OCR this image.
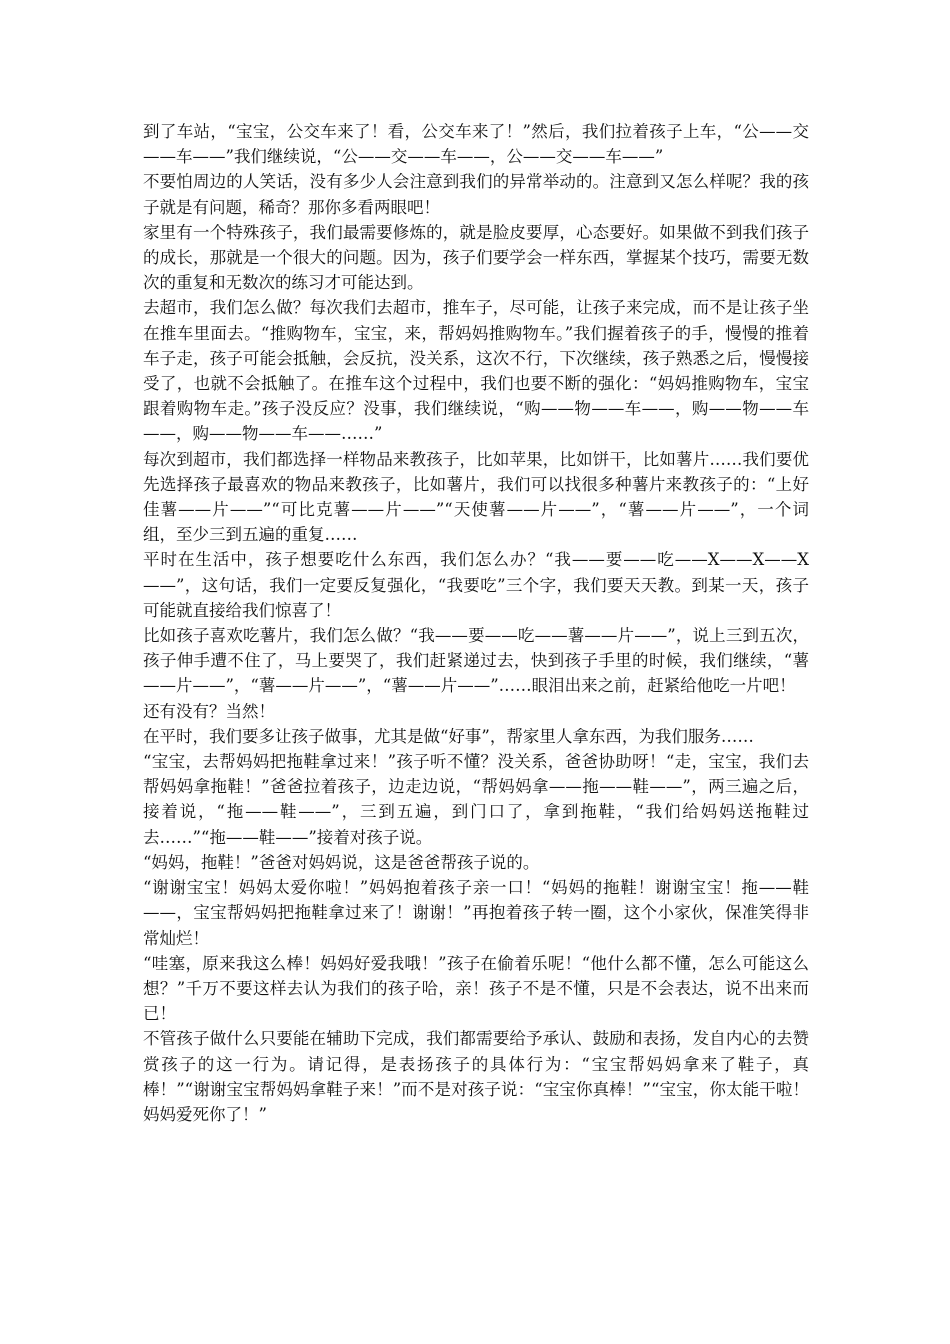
到了车站，“宝宝，公交车来了！看，公交车来了！”然后，我们拉着孩子上车，“公——交——车——”我们继续说，“公——交——车——，公——交——车——”

不要怕周边的人笑话，没有多少人会注意到我们的异常举动的。注意到又怎么样呢？我的孩子就是有问题，稀奇？那你多看两眼吧！

家里有一个特殊孩子，我们最需要修炼的，就是脸皮要厚，心态要好。如果做不到我们孩子的成长，那就是一个很大的问题。因为，孩子们要学会一样东西，掌握某个技巧，需要无数次的重复和无数次的练习才可能达到。

去超市，我们怎么做？每次我们去超市，推车子，尽可能，让孩子来完成，而不是让孩子坐在推车里面去。“推购物车，宝宝，来，帮妈妈推购物车。”我们握着孩子的手，慢慢的推着车子走，孩子可能会抵触，会反抗，没关系，这次不行，下次继续，孩子熟悉之后，慢慢接受了，也就不会抵触了。在推车这个过程中，我们也要不断的强化：“妈妈推购物车，宝宝跟着购物车走。”孩子没反应？没事，我们继续说，“购——物——车——，购——物——车——，购——物——车——……”

每次到超市，我们都选择一样物品来教孩子，比如苹果，比如饼干，比如薯片……我们要优先选择孩子最喜欢的物品来教孩子，比如薯片，我们可以找很多种薯片来教孩子的：“上好佳薯——片——”“可比克薯——片——”“天使薯——片——”，“薯——片——”，一个词组，至少三到五遍的重复……

平时在生活中，孩子想要吃什么东西，我们怎么办？“我——要——吃——X——X——X——”，这句话，我们一定要反复强化，“我要吃”三个字，我们要天天教。到某一天，孩子可能就直接给我们惊喜了！

比如孩子喜欢吃薯片，我们怎么做？“我——要——吃——薯——片——”，说上三到五次，孩子伸手遭不住了，马上要哭了，我们赶紧递过去，快到孩子手里的时候，我们继续，“薯——片——”，“薯——片——”，“薯——片——”……眼泪出来之前，赶紧给他吃一片吧！

还有没有？当然！

在平时，我们要多让孩子做事，尤其是做“好事”，帮家里人拿东西，为我们服务……

“宝宝，去帮妈妈把拖鞋拿过来！”孩子听不懂？没关系，爸爸协助呀！“走，宝宝，我们去帮妈妈拿拖鞋！”爸爸拉着孩子，边走边说，“帮妈妈拿——拖——鞋——”，两三遍之后，接着说，“拖——鞋——”，三到五遍，到门口了，拿到拖鞋，“我们给妈妈送拖鞋过去……”“拖——鞋——”接着对孩子说。

“妈妈，拖鞋！”爸爸对妈妈说，这是爸爸帮孩子说的。

“谢谢宝宝！妈妈太爱你啦！”妈妈抱着孩子亲一口！“妈妈的拖鞋！谢谢宝宝！拖——鞋——，宝宝帮妈妈把拖鞋拿过来了！谢谢！”再抱着孩子转一圈，这个小家伙，保准笑得非常灿烂！

“哇塞，原来我这么棒！妈妈好爱我哦！”孩子在偷着乐呢！“他什么都不懂，怎么可能这么想？”千万不要这样去认为我们的孩子哈，亲！孩子不是不懂，只是不会表达，说不出来而已！

不管孩子做什么只要能在辅助下完成，我们都需要给予承认、鼓励和表扬，发自内心的去赞赏孩子的这一行为。请记得，是表扬孩子的具体行为：“宝宝帮妈妈拿来了鞋子，真棒！”“谢谢宝宝帮妈妈拿鞋子来！”而不是对孩子说：“宝宝你真棒！”“宝宝，你太能干啦！妈妈爱死你了！”
